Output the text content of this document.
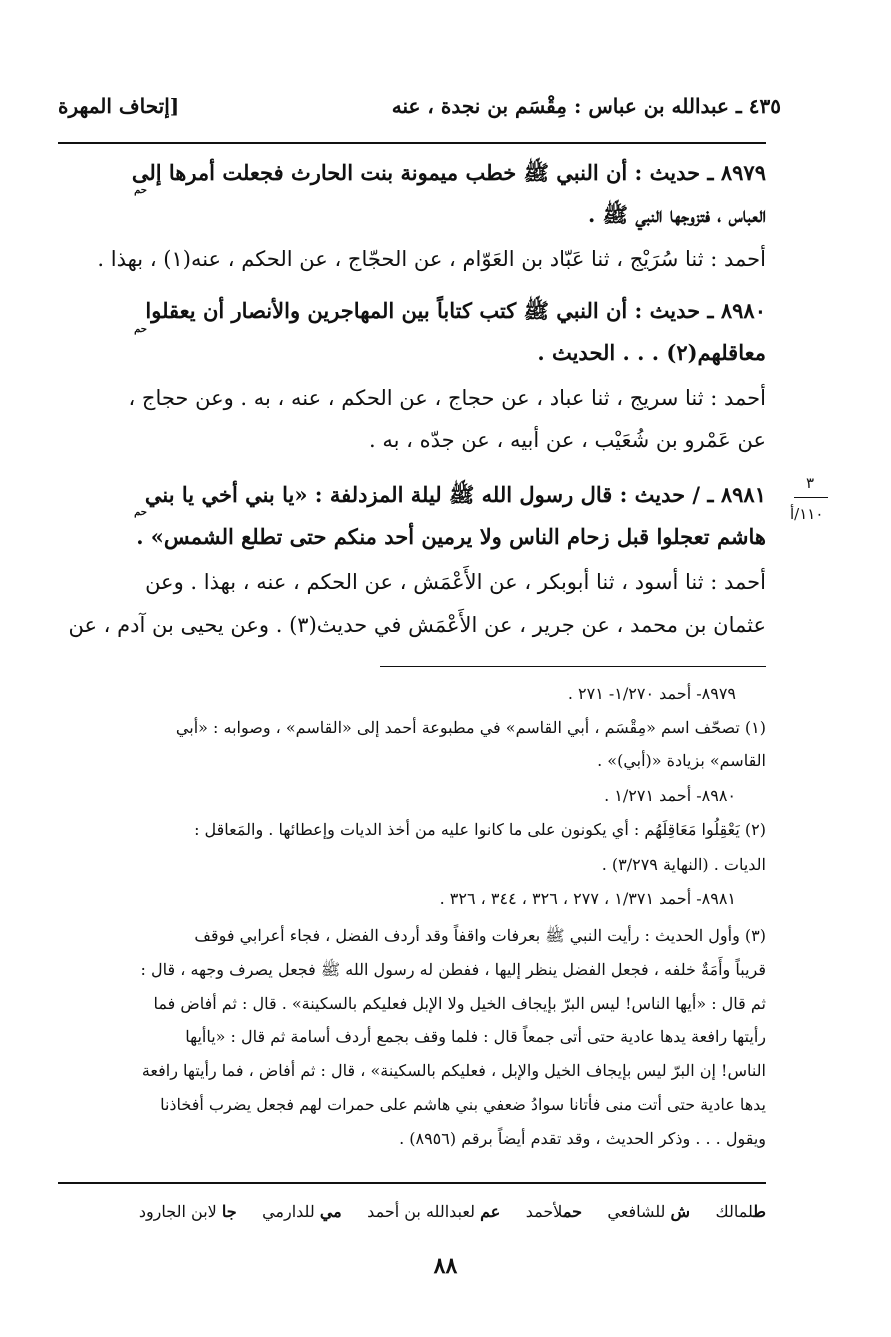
٤٣٥ ـ عبدالله بن عباس : مِقْسَم بن نجدة ، عنه
[إتحاف المهرة
٨٩٧٩ ـ حديث : أن النبي ﷺ خطب ميمونة بنت الحارث فجعلت أمرها إلى
حم
العباس ، فتزوجها النبي ﷺ .
أحمد : ثنا سُرَيْج ، ثنا عَبّاد بن العَوّام ، عن الحجّاج ، عن الحكم ، عنه(١) ، بهذا .
٨٩٨٠ ـ حديث : أن النبي ﷺ كتب كتاباً بين المهاجرين والأنصار أن يعقلوا
حم
معاقلهم(٢) . . . الحديث .
أحمد : ثنا سريج ، ثنا عباد ، عن حجاج ، عن الحكم ، عنه ، به . وعن حجاج ،
عن عَمْرو بن شُعَيْب ، عن أبيه ، عن جدّه ، به .
٣
١١٠/أ
٨٩٨١ ـ / حديث : قال رسول الله ﷺ ليلة المزدلفة : «يا بني أخي يا بني
حم
هاشم تعجلوا قبل زحام الناس ولا يرمين أحد منكم حتى تطلع الشمس» .
أحمد : ثنا أسود ، ثنا أبوبكر ، عن الأَعْمَش ، عن الحكم ، عنه ، بهذا . وعن
عثمان بن محمد ، عن جرير ، عن الأَعْمَش في حديث(٣) . وعن يحيى بن آدم ، عن
٨٩٧٩- أحمد ١/٢٧٠- ٢٧١ .
(١) تصحّف اسم «مِقْسَم ، أبي القاسم» في مطبوعة أحمد إلى «القاسم» ، وصوابه : «أبي
القاسم» بزيادة «(أبي)» .
٨٩٨٠- أحمد ١/٢٧١ .
(٢) يَعْقِلُوا مَعَاقِلَهُم : أي يكونون على ما كانوا عليه من أخذ الديات وإعطائها . والمَعاقل :
الديات . (النهاية ٣/٢٧٩) .
٨٩٨١- أحمد ١/٣٧١ ، ٢٧٧ ، ٣٢٦ ، ٣٤٤ ، ٣٢٦ .
(٣) وأول الحديث : رأيت النبي ﷺ بعرفات واقفاً وقد أردف الفضل ، فجاء أعرابي فوقف
قريباً وأَمَةٌ خلفه ، فجعل الفضل ينظر إليها ، ففطن له رسول الله ﷺ فجعل يصرف وجهه ، قال :
ثم قال : «أيها الناس! ليس البرّ بإيجاف الخيل ولا الإبل فعليكم بالسكينة» . قال : ثم أفاض فما
رأيتها رافعة يدها عادية حتى أتى جمعاً قال : فلما وقف بجمع أردف أسامة ثم قال : «ياأيها
الناس! إن البرّ ليس بإيجاف الخيل والإبل ، فعليكم بالسكينة» ، قال : ثم أفاض ، فما رأيتها رافعة
يدها عادية حتى أتت منى فأتانا سوادُ ضعفي بني هاشم على حمرات لهم فجعل يضرب أفخاذنا
ويقول . . . وذكر الحديث ، وقد تقدم أيضاً برقم (٨٩٥٦) .
طلمالك     ش للشافعي     حملأحمد     عم لعبدالله بن أحمد     مي للدارمي     جا لابن الجارود
٨٨
